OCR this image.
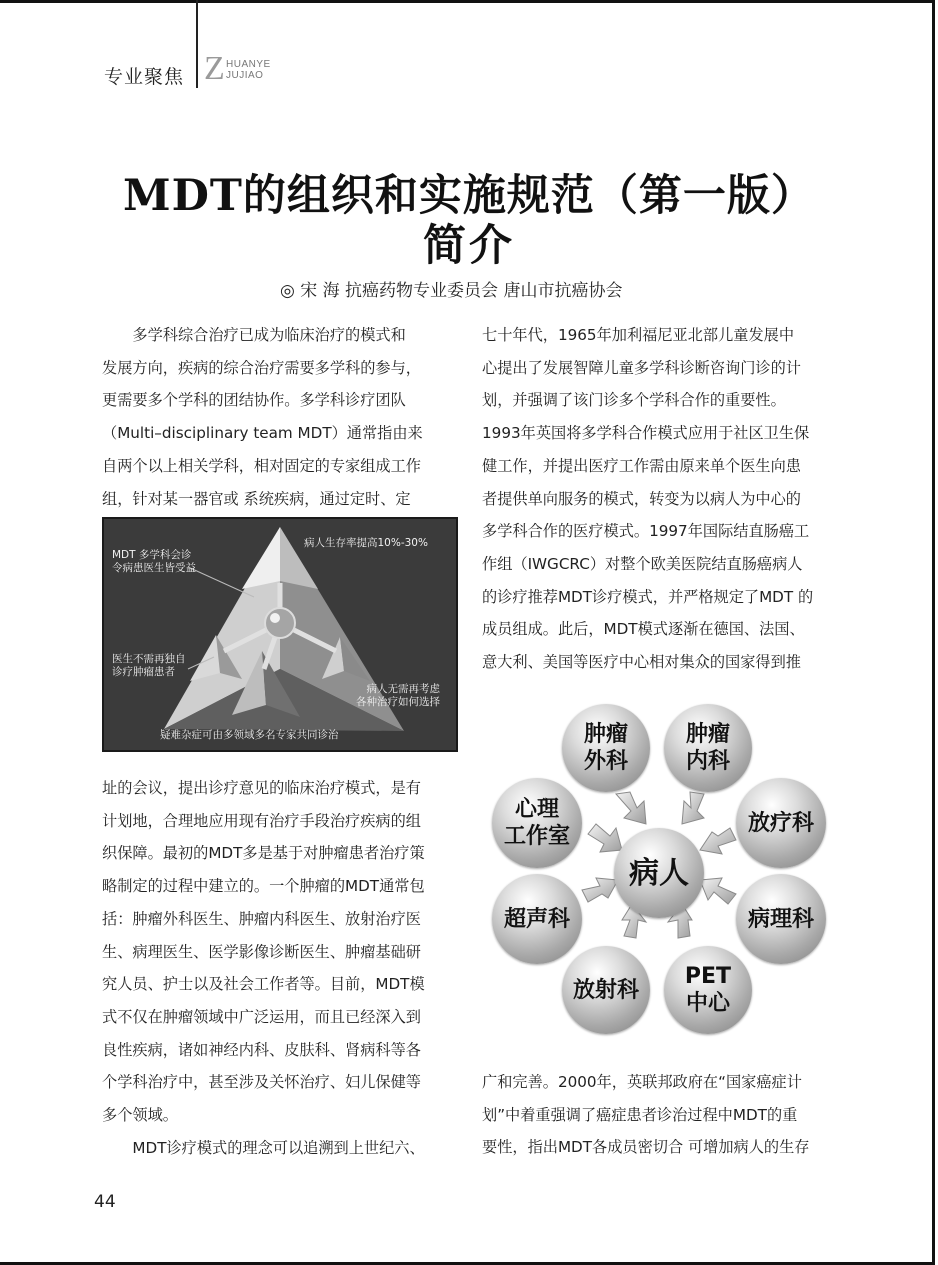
专业聚焦 Z HUANYE
JUJIAO
MDT的组织和实施规范（第一版）
简介
◎ 宋 海 抗癌药物专业委员会 唐山市抗癌协会

多学科综合治疗已成为临床治疗的模式和

发展方向，疾病的综合治疗需要多学科的参与，

更需要多个学科的团结协作。多学科诊疗团队

（Multi–disciplinary team MDT）通常指由来

自两个以上相关学科，相对固定的专家组成工作

组，针对某一器官或 系统疾病，通过定时、定

病人生存率提高10%-30%
MDT 多学科会诊
令病患医生皆受益
医生不需再独自
诊疗肿瘤患者
病人无需再考虑
各种治疗如何选择
疑难杂症可由多领域多名专家共同诊治

址的会议，提出诊疗意见的临床治疗模式，是有

计划地，合理地应用现有治疗手段治疗疾病的组

织保障。最初的MDT多是基于对肿瘤患者治疗策

略制定的过程中建立的。一个肿瘤的MDT通常包

括：肿瘤外科医生、肿瘤内科医生、放射治疗医

生、病理医生、医学影像诊断医生、肿瘤基础研

究人员、护士以及社会工作者等。目前，MDT模

式不仅在肿瘤领域中广泛运用，而且已经深入到

良性疾病，诸如神经内科、皮肤科、肾病科等各

个学科治疗中，甚至涉及关怀治疗、妇儿保健等

多个领域。

MDT诊疗模式的理念可以追溯到上世纪六、

七十年代，1965年加利福尼亚北部儿童发展中

心提出了发展智障儿童多学科诊断咨询门诊的计

划，并强调了该门诊多个学科合作的重要性。

1993年英国将多学科合作模式应用于社区卫生保

健工作，并提出医疗工作需由原来单个医生向患

者提供单向服务的模式，转变为以病人为中心的

多学科合作的医疗模式。1997年国际结直肠癌工

作组（IWGCRC）对整个欧美医院结直肠癌病人

的诊疗推荐MDT诊疗模式，并严格规定了MDT 的

成员组成。此后，MDT模式逐渐在德国、法国、

意大利、美国等医疗中心相对集众的国家得到推

病人
肿瘤
外科
肿瘤
内科
放疗科
病理科
PET
中心
放射科
超声科
心理
工作室

广和完善。2000年，英联邦政府在“国家癌症计

划”中着重强调了癌症患者诊治过程中MDT的重

要性，指出MDT各成员密切合 可增加病人的生存

44
